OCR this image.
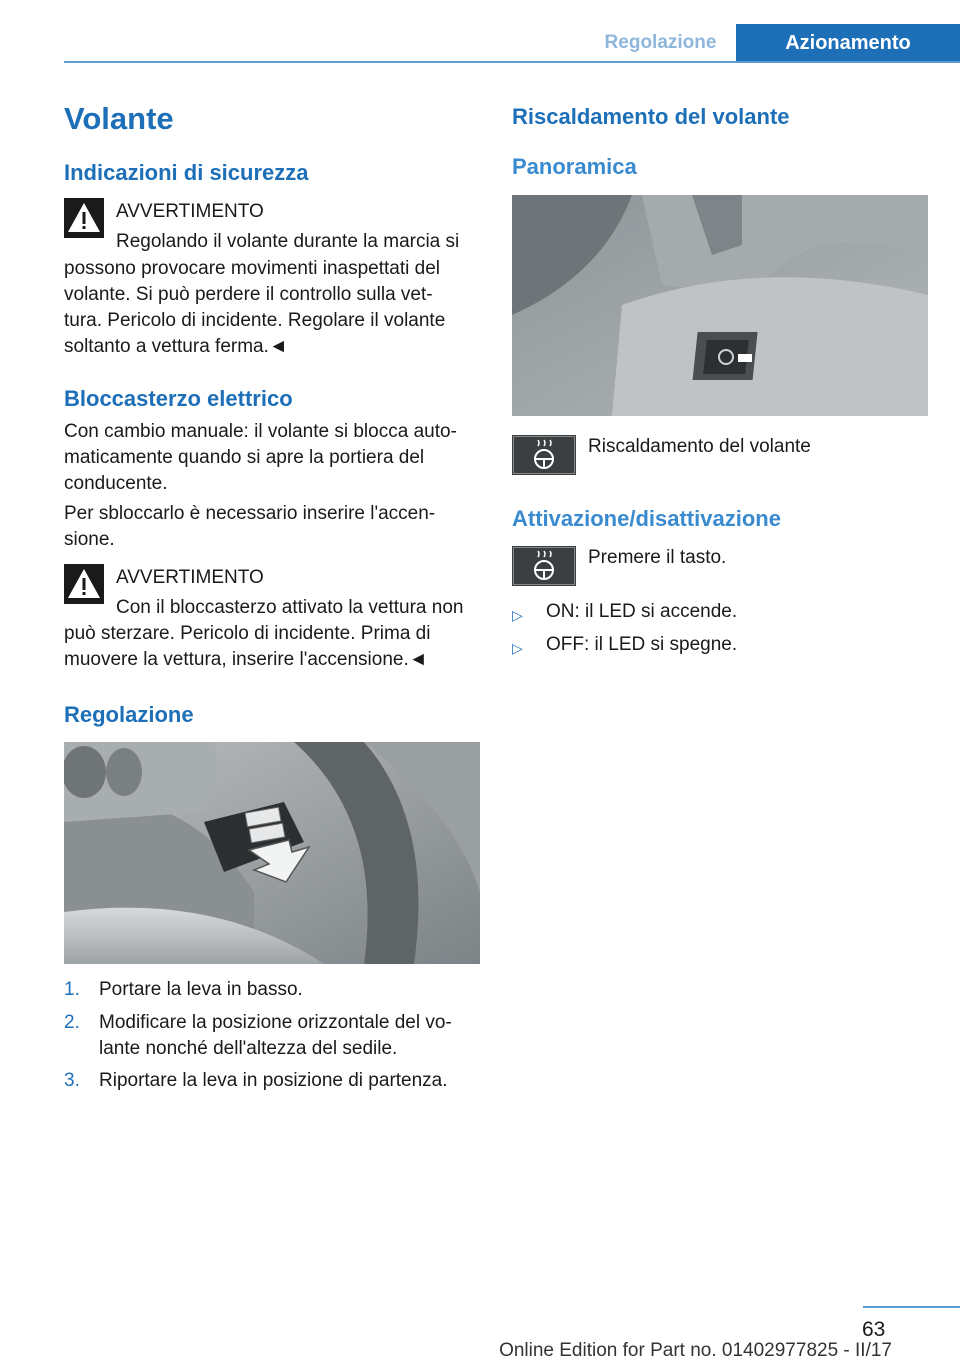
Regolazione	Azionamento
Volante
Indicazioni di sicurezza
AVVERTIMENTO
Regolando il volante durante la marcia si
possono provocare movimenti inaspettati del
volante. Si può perdere il controllo sulla vet‐
tura. Pericolo di incidente. Regolare il volante
soltanto a vettura ferma.◄
Bloccasterzo elettrico
Con cambio manuale: il volante si blocca auto‐
maticamente quando si apre la portiera del
conducente.
Per sbloccarlo è necessario inserire l'accen‐
sione.
AVVERTIMENTO
Con il bloccasterzo attivato la vettura non
può sterzare. Pericolo di incidente. Prima di
muovere la vettura, inserire l'accensione.◄
Regolazione
1. Portare la leva in basso.
2. Modificare la posizione orizzontale del vo‐
lante nonché dell'altezza del sedile.
3. Riportare la leva in posizione di partenza.
Riscaldamento del volante
Panoramica
Riscaldamento del volante
Attivazione/disattivazione
Premere il tasto.
▷ ON: il LED si accende.
▷ OFF: il LED si spegne.
63
Online Edition for Part no. 01402977825 - II/17
